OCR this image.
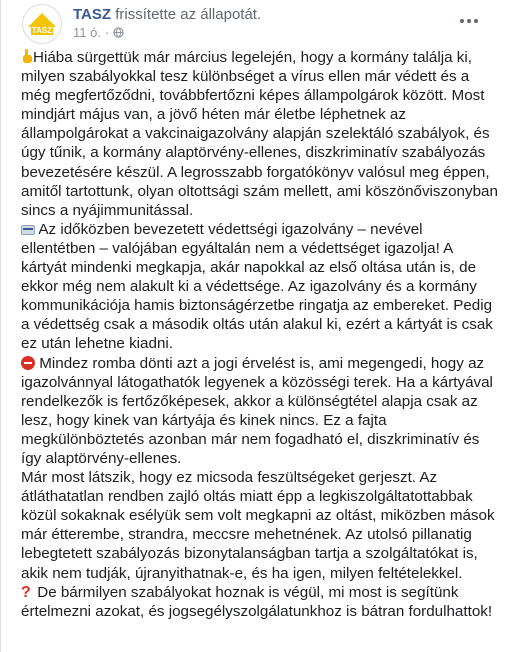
TASZ
TASZ frissítette az állapotát.
11 ó. ·

Hiába sürgettük már március legelején, hogy a kormány találja ki, milyen szabályokkal tesz különbséget a vírus ellen már védett és a még megfertőződni, továbbfertőzni képes állampolgárok között. Most mindjárt május van, a jövő héten már életbe léphetnek az állampolgárokat a vakcinaigazolvány alapján szelektáló szabályok, és úgy tűnik, a kormány alaptörvény-ellenes, diszkriminatív szabályozás bevezetésére készül. A legrosszabb forgatókönyv valósul meg éppen, amitől tartottunk, olyan oltottsági szám mellett, ami köszönőviszonyban sincs a nyájimmunitással.

Az időközben bevezetett védettségi igazolvány – nevével ellentétben – valójában egyáltalán nem a védettséget igazolja! A kártyát mindenki megkapja, akár napokkal az első oltása után is, de ekkor még nem alakult ki a védettsége. Az igazolvány és a kormány kommunikációja hamis biztonságérzetbe ringatja az embereket. Pedig a védettség csak a második oltás után alakul ki, ezért a kártyát is csak ez után lehetne kiadni.

Mindez romba dönti azt a jogi érvelést is, ami megengedi, hogy az igazolvánnyal látogathatók legyenek a közösségi terek. Ha a kártyával rendelkezők is fertőzőképesek, akkor a különségtétel alapja csak az lesz, hogy kinek van kártyája és kinek nincs. Ez a fajta megkülönböztetés azonban már nem fogadható el, diszkriminatív és így alaptörvény-ellenes.

Már most látszik, hogy ez micsoda feszültségeket gerjeszt. Az átláthatatlan rendben zajló oltás miatt épp a legkiszolgáltatottabbak közül sokaknak esélyük sem volt megkapni az oltást, miközben mások már étterembe, strandra, meccsre mehetnének. Az utolsó pillanatig lebegtetett szabályozás bizonytalanságban tartja a szolgáltatókat is, akik nem tudják, újranyithatnak-e, és ha igen, milyen feltételekkel.

? De bármilyen szabályokat hoznak is végül, mi most is segítünk értelmezni azokat, és jogsegélyszolgálatunkhoz is bátran fordulhattok!
